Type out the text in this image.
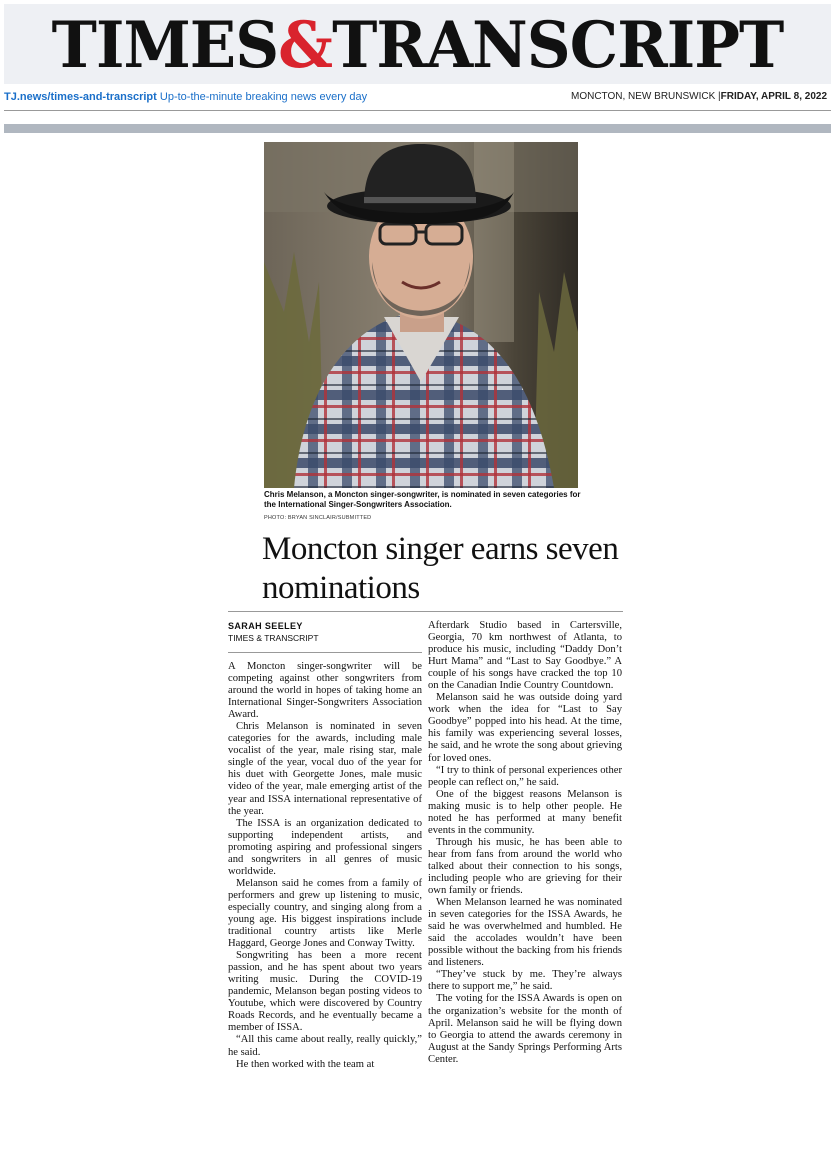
TIMES&TRANSCRIPT
TJ.news/times-and-transcript Up-to-the-minute breaking news every day	MONCTON, NEW BRUNSWICK |FRIDAY, APRIL 8, 2022
Chris Melanson, a Moncton singer-songwriter, is nominated in seven categories for the International Singer-Songwriters Association.
PHOTO: BRYAN SINCLAIR/SUBMITTED
Moncton singer earns seven nominations
SARAH SEELEY
TIMES & TRANSCRIPT

A Moncton singer-songwriter will be competing against other songwriters from around the world in hopes of taking home an International Singer-Songwriters Association Award.

Chris Melanson is nominated in seven categories for the awards, including male vocalist of the year, male rising star, male single of the year, vocal duo of the year for his duet with Georgette Jones, male music video of the year, male emerging artist of the year and ISSA international representative of the year.

The ISSA is an organization dedicated to supporting independent artists, and promoting aspiring and professional singers and songwriters in all genres of music worldwide.

Melanson said he comes from a family of performers and grew up listening to music, especially country, and singing along from a young age. His biggest inspirations include traditional country artists like Merle Haggard, George Jones and Conway Twitty.

Songwriting has been a more recent passion, and he has spent about two years writing music. During the COVID-19 pandemic, Melanson began posting videos to Youtube, which were discovered by Country Roads Records, and he eventually became a member of ISSA.

“All this came about really, really quickly,” he said.

He then worked with the team at

Afterdark Studio based in Cartersville, Georgia, 70 km northwest of Atlanta, to produce his music, including “Daddy Don’t Hurt Mama” and “Last to Say Goodbye.” A couple of his songs have cracked the top 10 on the Canadian Indie Country Countdown.

Melanson said he was outside doing yard work when the idea for “Last to Say Goodbye” popped into his head. At the time, his family was experiencing several losses, he said, and he wrote the song about grieving for loved ones.

“I try to think of personal experiences other people can reflect on,” he said.

One of the biggest reasons Melanson is making music is to help other people. He noted he has performed at many benefit events in the community.

Through his music, he has been able to hear from fans from around the world who talked about their connection to his songs, including people who are grieving for their own family or friends.

When Melanson learned he was nominated in seven categories for the ISSA Awards, he said he was overwhelmed and humbled. He said the accolades wouldn’t have been possible without the backing from his friends and listeners.

“They’ve stuck by me. They’re always there to support me,” he said.

The voting for the ISSA Awards is open on the organization’s website for the month of April. Melanson said he will be flying down to Georgia to attend the awards ceremony in August at the Sandy Springs Performing Arts Center.
